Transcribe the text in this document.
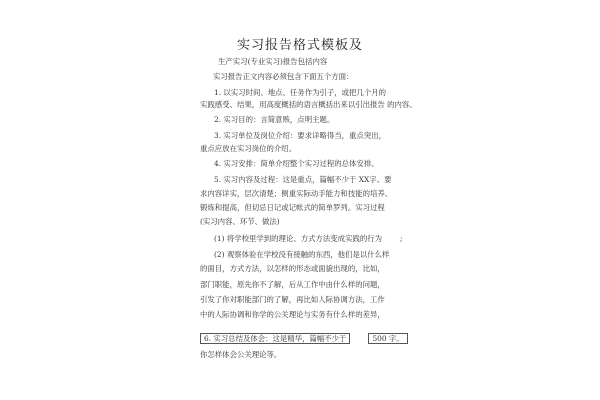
实习报告格式模板及
生产实习(专业实习)报告包括内容
实习报告正文内容必须包含下面五个方面：
1. 以实习时间、地点、任务作为引子，或把几个月的
实践感受、结果，用高度概括的语言概括出来以引出报告 的内容。
2. 实习目的：言简意赅，点明主题。
3. 实习单位及岗位介绍：要求详略得当，重点突出，
重点应放在实习岗位的介绍。
4. 实习安排：简单介绍整个实习过程的总体安排。
5. 实习内容及过程：这是重点，篇幅不少于 XX字。要
求内容详实，层次清楚；侧重实际动手能力和技能的培养、
锻炼和提高，但切忌日记或记帐式的简单罗列。实习过程
(实习内容、环节、做法)
(1) 将学校里学到的理论、方式方法变成实践的行为 ;
(2) 观察体验在学校没有接触的东西，他们是以什么样
的面目，方式方法，以怎样的形态或面貌出现的，比如，
部门职能，原先你不了解，后从工作中由什么样的问题，
引发了你对职能部门的了解，再比如人际协调方法，工作
中的人际协调和你学的公关理论与实务有什么样的差异，
6. 实习总结及体会：这是精华，篇幅不少于	500 字。
你怎样体会公关理论等。
